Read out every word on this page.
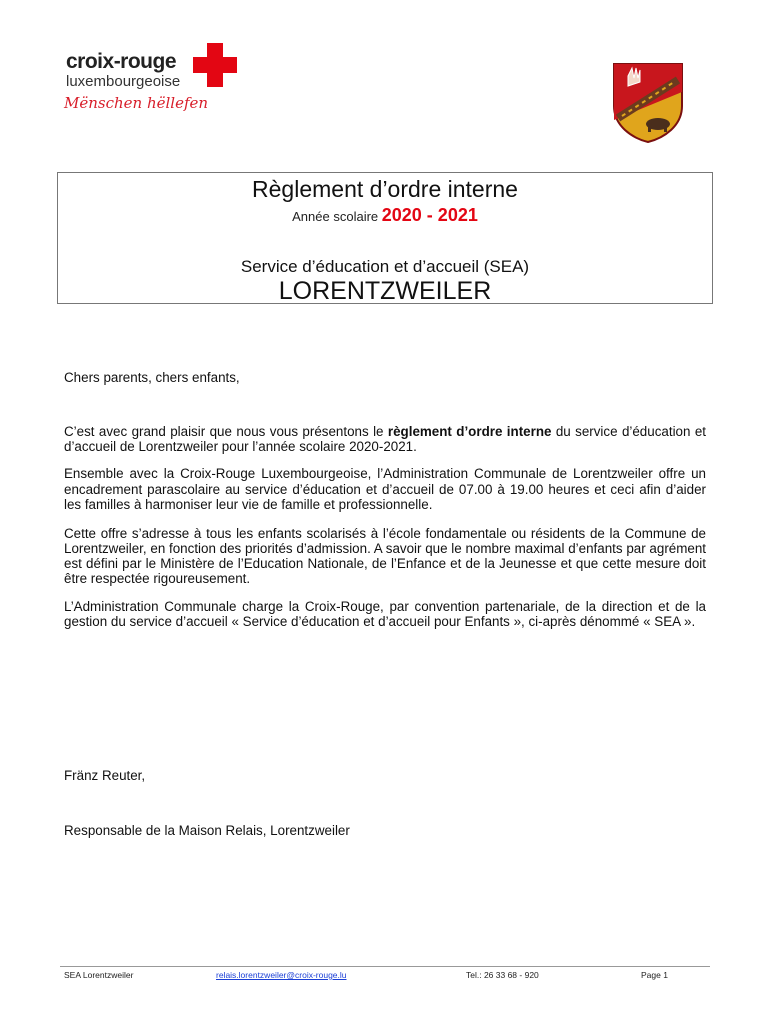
croix-rouge
luxembourgeoise
Mënschen hëllefen
Règlement d’ordre interne
Année scolaire 2020 - 2021
Service d’éducation et d’accueil (SEA)
LORENTZWEILER
Chers parents, chers enfants,

C’est avec grand plaisir que nous vous présentons le règlement d’ordre interne du service d’éducation et d’accueil de Lorentzweiler pour l’année scolaire 2020-2021.

Ensemble avec la Croix-Rouge Luxembourgeoise, l’Administration Communale de Lorentzweiler offre un encadrement parascolaire au service d’éducation et d’accueil de 07.00 à 19.00 heures et ceci afin d’aider les familles à harmoniser leur vie de famille et professionnelle.

Cette offre s’adresse à tous les enfants scolarisés à l’école fondamentale ou résidents de la Commune de Lorentzweiler, en fonction des priorités d’admission. A savoir que le nombre maximal d’enfants par agrément est défini par le Ministère de l’Education Nationale, de l’Enfance et de la Jeunesse et que cette mesure doit être respectée rigoureusement.

L’Administration Communale charge la Croix-Rouge, par convention partenariale, de la direction et de la gestion du service d’accueil « Service d’éducation et d’accueil pour Enfants », ci-après dénommé « SEA ».

Fränz Reuter,
Responsable de la Maison Relais, Lorentzweiler
SEA Lorentzweiler	relais.lorentzweiler@croix-rouge.lu	Tel.: 26 33 68 - 920	Page 1
